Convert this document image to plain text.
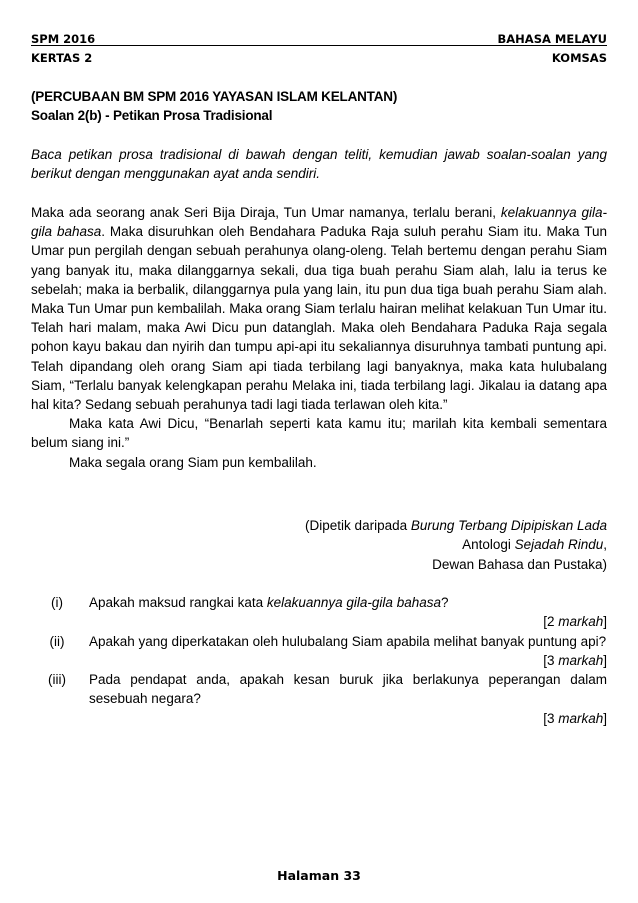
SPM 2016	BAHASA MELAYU
KERTAS 2	KOMSAS
(PERCUBAAN BM SPM 2016 YAYASAN ISLAM KELANTAN)
Soalan 2(b) - Petikan Prosa Tradisional
Baca petikan prosa tradisional di bawah dengan teliti, kemudian jawab soalan-soalan yang berikut dengan menggunakan ayat anda sendiri.

Maka ada seorang anak Seri Bija Diraja, Tun Umar namanya, terlalu berani, kelakuannya gila-gila bahasa. Maka disuruhkan oleh Bendahara Paduka Raja suluh perahu Siam itu. Maka Tun Umar pun pergilah dengan sebuah perahunya olang-oleng. Telah bertemu dengan perahu Siam yang banyak itu, maka dilanggarnya sekali, dua tiga buah perahu Siam alah, lalu ia terus ke sebelah; maka ia berbalik, dilanggarnya pula yang lain, itu pun dua tiga buah perahu Siam alah. Maka Tun Umar pun kembalilah. Maka orang Siam terlalu hairan melihat kelakuan Tun Umar itu. Telah hari malam, maka Awi Dicu pun datanglah. Maka oleh Bendahara Paduka Raja segala pohon kayu bakau dan nyirih dan tumpu api-api itu sekaliannya disuruhnya tambati puntung api. Telah dipandang oleh orang Siam api tiada terbilang lagi banyaknya, maka kata hulubalang Siam, “Terlalu banyak kelengkapan perahu Melaka ini, tiada terbilang lagi. Jikalau ia datang apa hal kita? Sedang sebuah perahunya tadi lagi tiada terlawan oleh kita.”

Maka kata Awi Dicu, “Benarlah seperti kata kamu itu; marilah kita kembali sementara belum siang ini.”

Maka segala orang Siam pun kembalilah.

(Dipetik daripada Burung Terbang Dipipiskan Lada
Antologi Sejadah Rindu,
Dewan Bahasa dan Pustaka)
(i)	Apakah maksud rangkai kata kelakuannya gila-gila bahasa?
[2 markah]
(ii)	Apakah yang diperkatakan oleh hulubalang Siam apabila melihat banyak puntung api?
[3 markah]
(iii)	Pada pendapat anda, apakah kesan buruk jika berlakunya peperangan dalam sesebuah negara?
[3 markah]
Halaman 33
